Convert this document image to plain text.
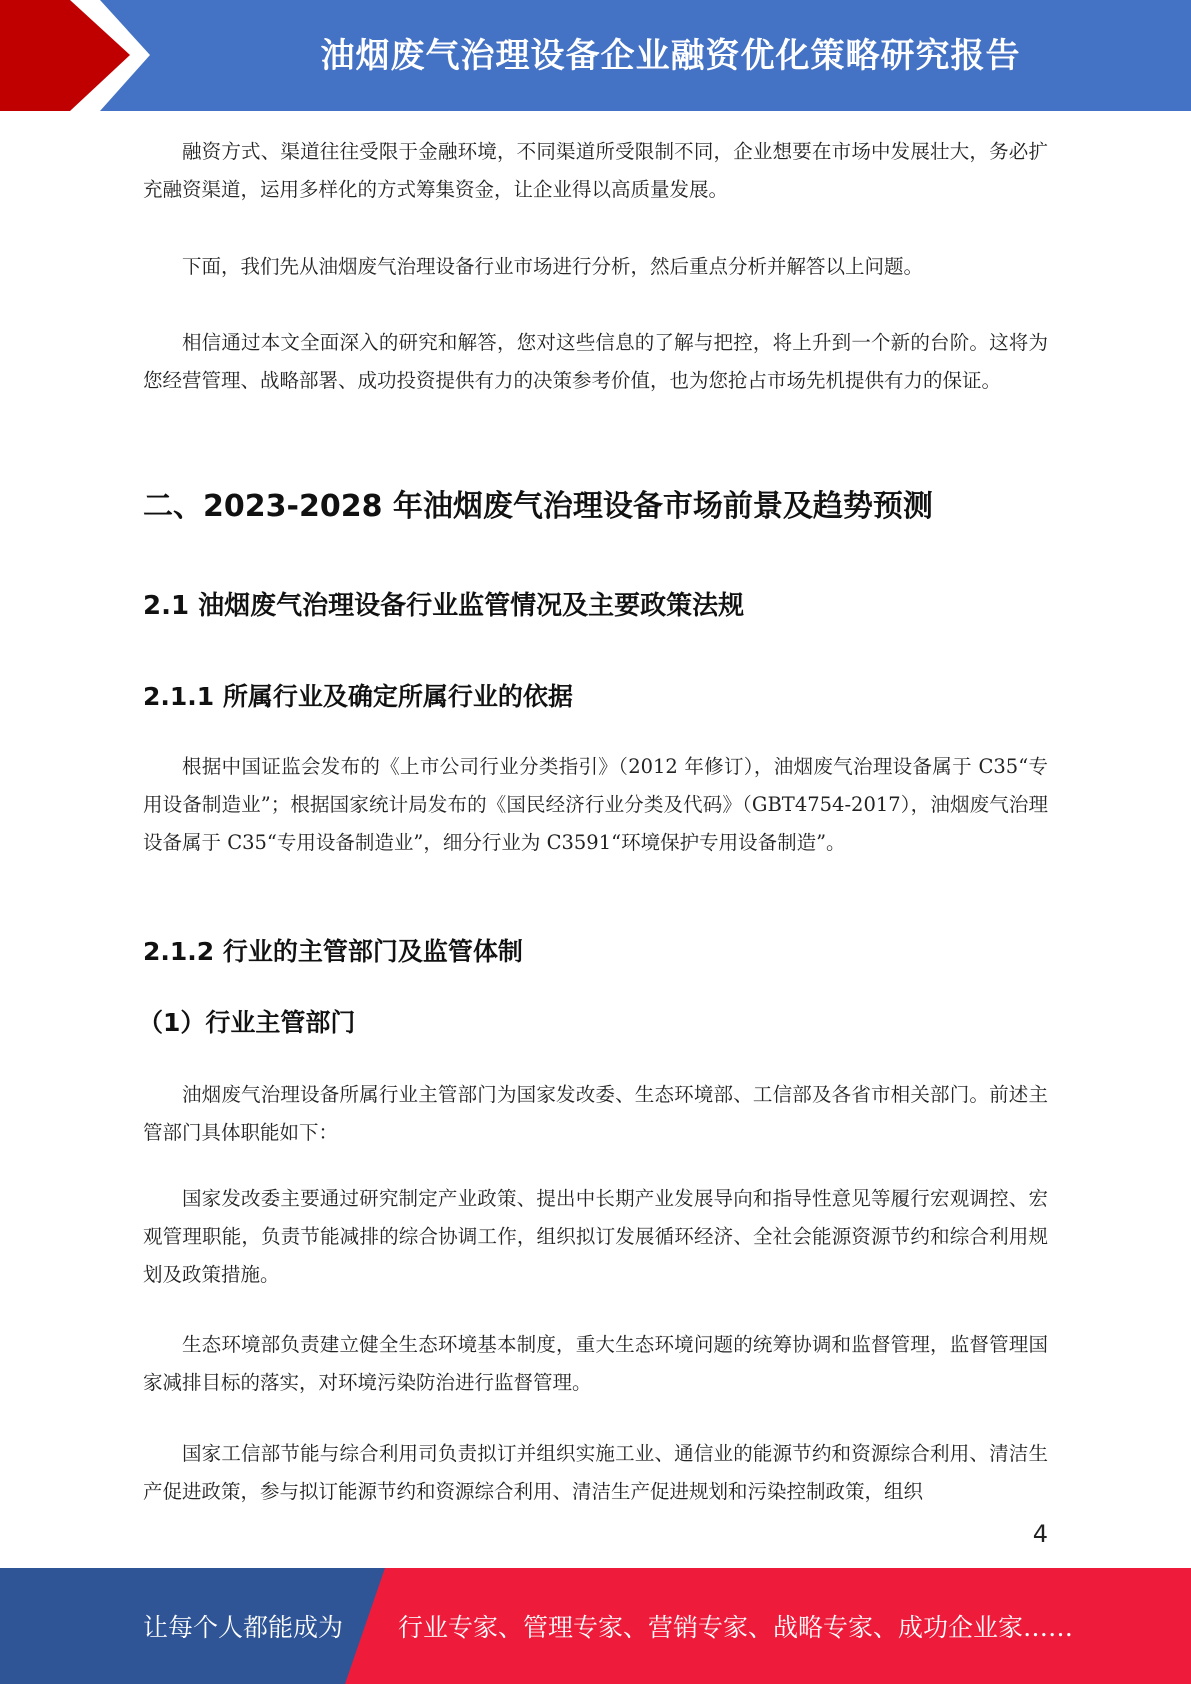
油烟废气治理设备企业融资优化策略研究报告

融资方式、渠道往往受限于金融环境，不同渠道所受限制不同，企业想要在市场中发展壮大，务必扩充融资渠道，运用多样化的方式筹集资金，让企业得以高质量发展。

下面，我们先从油烟废气治理设备行业市场进行分析，然后重点分析并解答以上问题。

相信通过本文全面深入的研究和解答，您对这些信息的了解与把控，将上升到一个新的台阶。这将为您经营管理、战略部署、成功投资提供有力的决策参考价值，也为您抢占市场先机提供有力的保证。

二、2023-2028 年油烟废气治理设备市场前景及趋势预测
2.1 油烟废气治理设备行业监管情况及主要政策法规
2.1.1 所属行业及确定所属行业的依据

根据中国证监会发布的《上市公司行业分类指引》（2012 年修订），油烟废气治理设备属于 C35“专用设备制造业”；根据国家统计局发布的《国民经济行业分类及代码》（GBT4754-2017），油烟废气治理设备属于 C35“专用设备制造业”，细分行业为 C3591“环境保护专用设备制造”。

2.1.2 行业的主管部门及监管体制
（1）行业主管部门

油烟废气治理设备所属行业主管部门为国家发改委、生态环境部、工信部及各省市相关部门。前述主管部门具体职能如下：

国家发改委主要通过研究制定产业政策、提出中长期产业发展导向和指导性意见等履行宏观调控、宏观管理职能，负责节能减排的综合协调工作，组织拟订发展循环经济、全社会能源资源节约和综合利用规划及政策措施。

生态环境部负责建立健全生态环境基本制度，重大生态环境问题的统筹协调和监督管理，监督管理国家减排目标的落实，对环境污染防治进行监督管理。

国家工信部节能与综合利用司负责拟订并组织实施工业、通信业的能源节约和资源综合利用、清洁生产促进政策，参与拟订能源节约和资源综合利用、清洁生产促进规划和污染控制政策，组织

4
让每个人都能成为 行业专家、管理专家、营销专家、战略专家、成功企业家……
